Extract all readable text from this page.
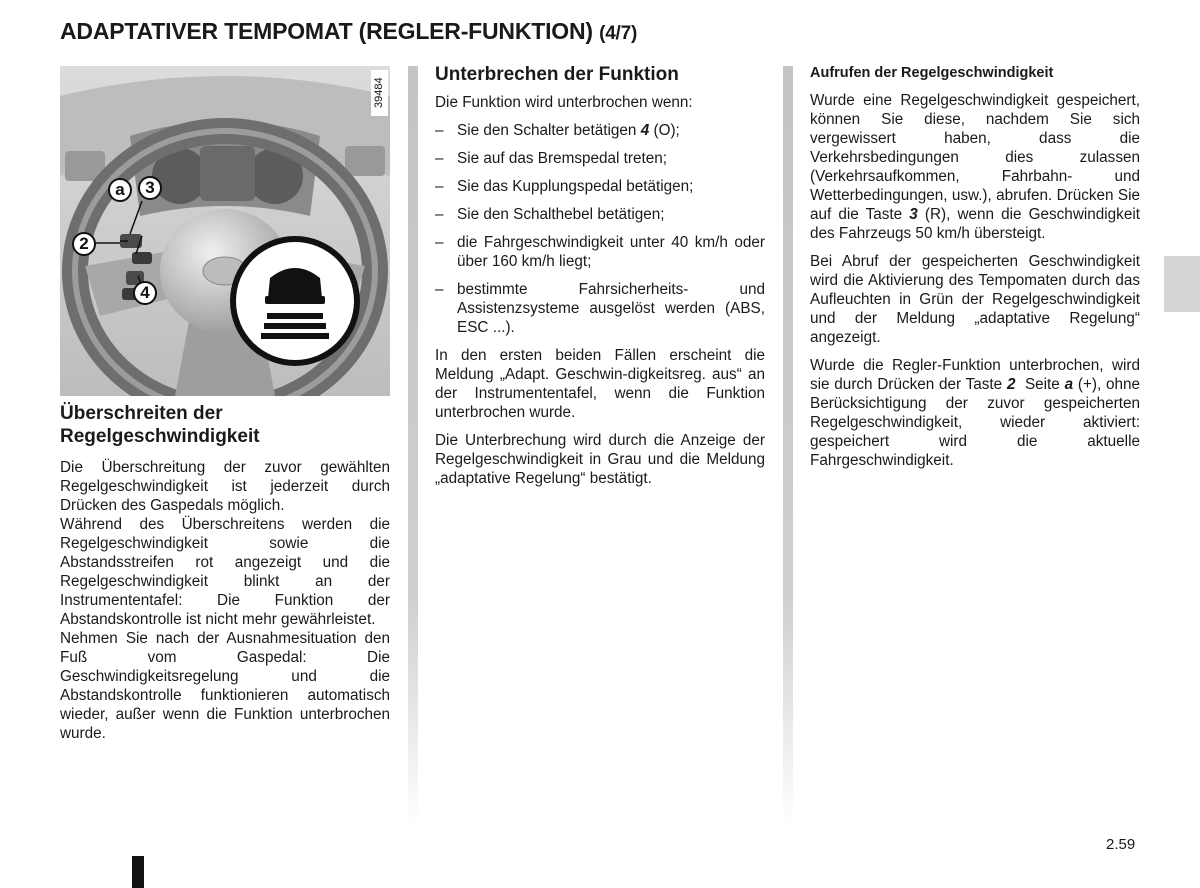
ADAPTATIVER TEMPOMAT (REGLER-FUNKTION) (4/7)
a	3
2
4
39484
Überschreiten der
Regelgeschwindigkeit

Die Überschreitung der zuvor gewählten Regelgeschwindigkeit ist jederzeit durch Drücken des Gaspedals möglich.

Während des Überschreitens werden die Regelgeschwindigkeit sowie die Abstandsstreifen rot angezeigt und die Regelgeschwindigkeit blinkt an der Instrumententafel: Die Funktion der Abstandskontrolle ist nicht mehr gewährleistet.

Nehmen Sie nach der Ausnahmesituation den Fuß vom Gaspedal: Die Geschwindigkeitsregelung und die Abstandskontrolle funktionieren automatisch wieder, außer wenn die Funktion unterbrochen wurde.

Unterbrechen der Funktion

Die Funktion wird unterbrochen wenn:

– Sie den Schalter betätigen 4 (O);
– Sie auf das Bremspedal treten;
– Sie das Kupplungspedal betätigen;
– Sie den Schalthebel betätigen;
– die Fahrgeschwindigkeit unter 40 km/h oder über 160 km/h liegt;
– bestimmte Fahrsicherheits- und Assistenzsysteme ausgelöst werden (ABS, ESC ...).

In den ersten beiden Fällen erscheint die Meldung „Adapt. Geschwin-digkeitsreg. aus“ an der Instrumententafel, wenn die Funktion unterbrochen wurde.

Die Unterbrechung wird durch die Anzeige der Regelgeschwindigkeit in Grau und die Meldung „adaptative Regelung“ bestätigt.

Aufrufen der Regelgeschwindigkeit

Wurde eine Regelgeschwindigkeit gespeichert, können Sie diese, nachdem Sie sich vergewissert haben, dass die Verkehrsbedingungen dies zulassen (Verkehrsaufkommen, Fahrbahn- und Wetterbedingungen, usw.), abrufen. Drücken Sie auf die Taste 3 (R), wenn die Geschwindigkeit des Fahrzeugs 50 km/h übersteigt.

Bei Abruf der gespeicherten Geschwindigkeit wird die Aktivierung des Tempomaten durch das Aufleuchten in Grün der Regelgeschwindigkeit und der Meldung „adaptative Regelung“ angezeigt.

Wurde die Regler-Funktion unterbrochen, wird sie durch Drücken der Taste 2  Seite a (+), ohne Berücksichtigung der zuvor gespeicherten Regelgeschwindigkeit, wieder aktiviert: gespeichert wird die aktuelle Fahrgeschwindigkeit.

2.59
